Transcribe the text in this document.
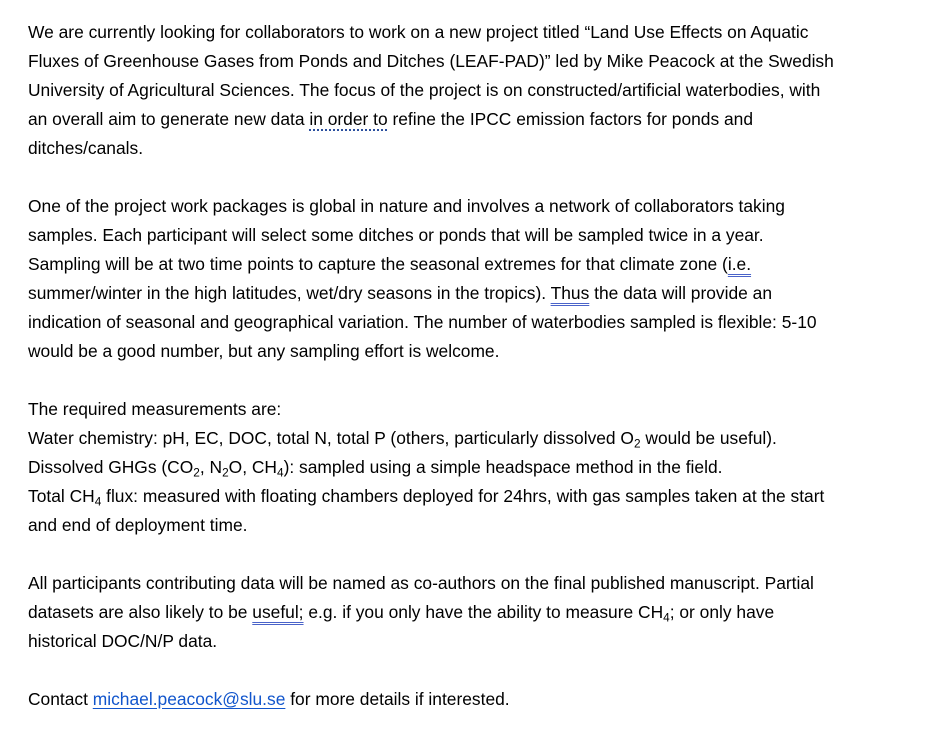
We are currently looking for collaborators to work on a new project titled “Land Use Effects on Aquatic
Fluxes of Greenhouse Gases from Ponds and Ditches (LEAF-PAD)” led by Mike Peacock at the Swedish
University of Agricultural Sciences. The focus of the project is on constructed/artificial waterbodies, with
an overall aim to generate new data in order to refine the IPCC emission factors for ponds and
ditches/canals.

One of the project work packages is global in nature and involves a network of collaborators taking
samples. Each participant will select some ditches or ponds that will be sampled twice in a year.
Sampling will be at two time points to capture the seasonal extremes for that climate zone (i.e.
summer/winter in the high latitudes, wet/dry seasons in the tropics). Thus the data will provide an
indication of seasonal and geographical variation. The number of waterbodies sampled is flexible: 5-10
would be a good number, but any sampling effort is welcome.

The required measurements are:
Water chemistry: pH, EC, DOC, total N, total P (others, particularly dissolved $O_2$ would be useful).
Dissolved GHGs ($CO_2$, $N_2O$, $CH_4$): sampled using a simple headspace method in the field.
Total $CH_4$ flux: measured with floating chambers deployed for 24hrs, with gas samples taken at the start
and end of deployment time.

All participants contributing data will be named as co-authors on the final published manuscript. Partial
datasets are also likely to be useful; e.g. if you only have the ability to measure $CH_4$; or only have
historical DOC/N/P data.

Contact michael.peacock@slu.se for more details if interested.
